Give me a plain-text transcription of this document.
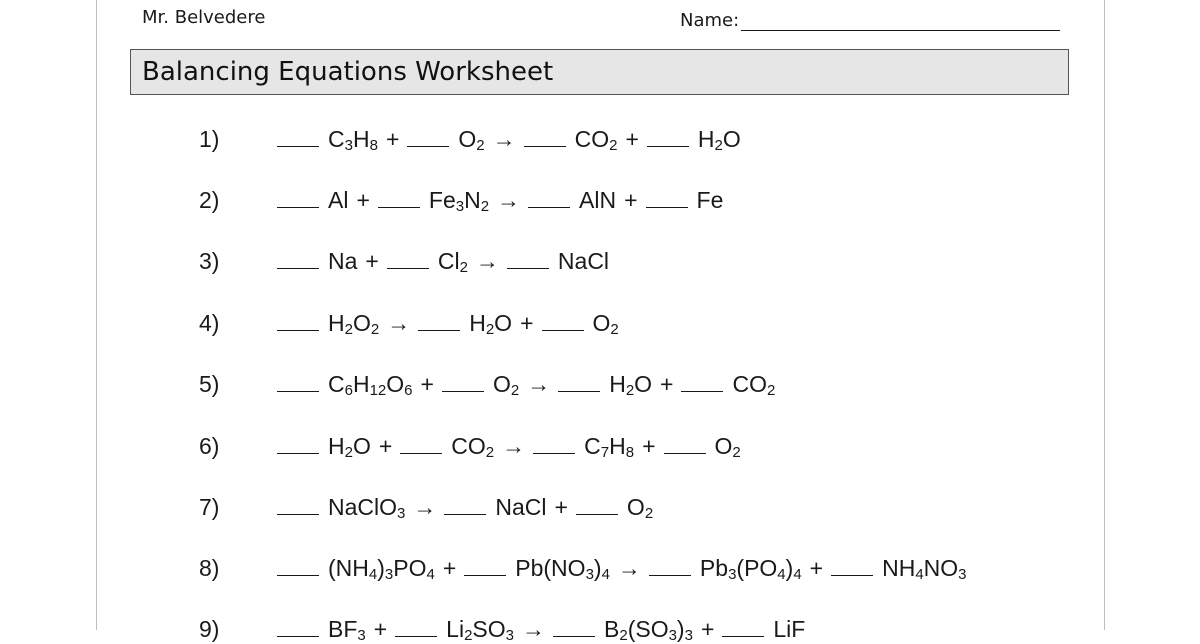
Mr. Belvedere	Name:
Balancing Equations Worksheet
1)	$C_3H_8$ +	$O_2$ →	$CO_2$ +	$H_2O$
2)	Al +	$Fe_3N_2$ →	AlN +	Fe
3)	Na +	$Cl_2$ →	NaCl
4)	$H_2O_2$ →	$H_2O$ +	$O_2$
5)	$C_6H_{12}O_6$ +	$O_2$ →	$H_2O$ +	$CO_2$
6)	$H_2O$ +	$CO_2$ →	$C_7H_8$ +	$O_2$
7)	NaClO$_3$ →	NaCl +	$O_2$
8)	$(NH_4)_3PO_4$ +	$Pb(NO_3)_4$ →	$Pb_3(PO_4)_4$ +	$NH_4NO_3$
9)	$BF_3$ +	$Li_2SO_3$ →	$B_2(SO_3)_3$ +	LiF
